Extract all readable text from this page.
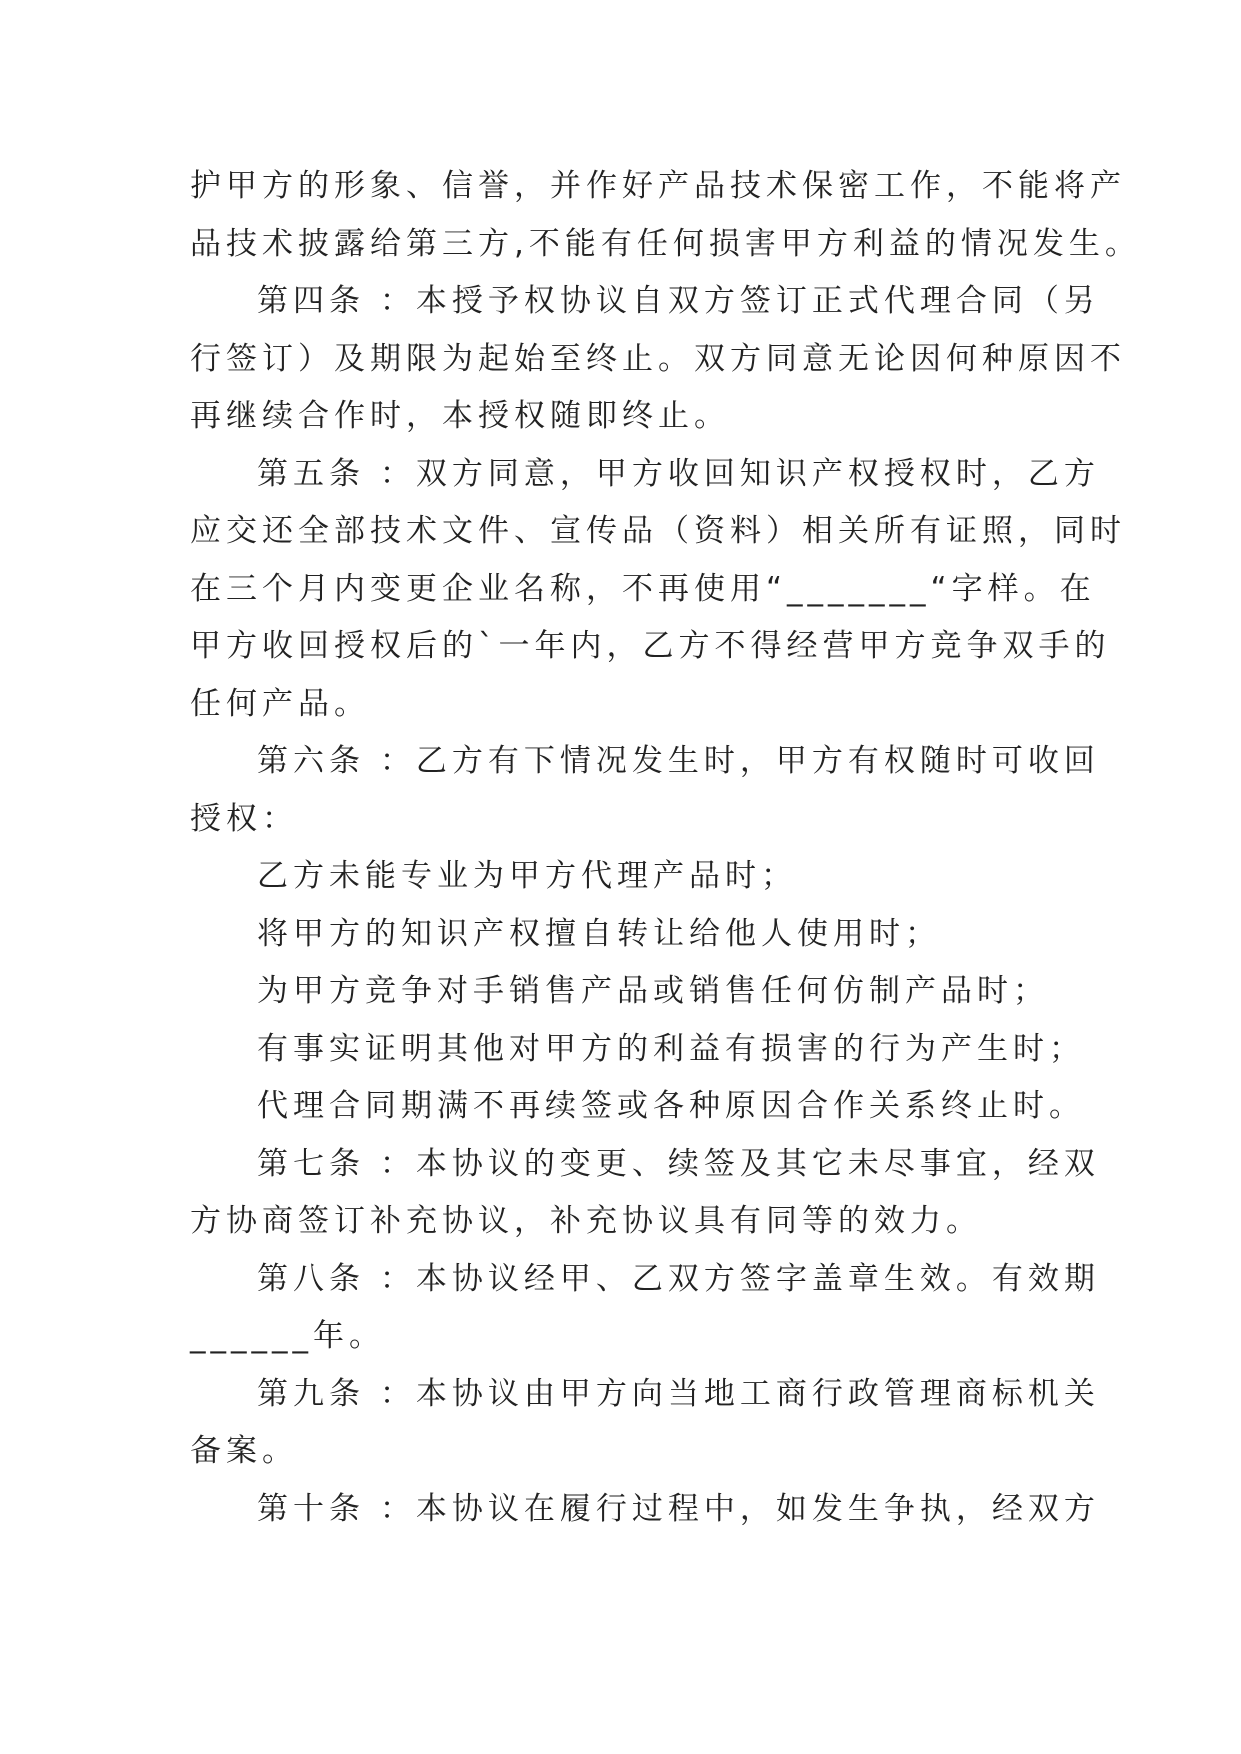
护甲方的形象、信誉，并作好产品技术保密工作，不能将产
品技术披露给第三方,不能有任何损害甲方利益的情况发生。
第四条 ：本授予权协议自双方签订正式代理合同（另
行签订）及期限为起始至终止。双方同意无论因何种原因不
再继续合作时，本授权随即终止。
第五条 ：双方同意，甲方收回知识产权授权时，乙方
应交还全部技术文件、宣传品（资料）相关所有证照，同时
在三个月内变更企业名称，不再使用“_______“字样。在
甲方收回授权后的`一年内，乙方不得经营甲方竞争双手的
任何产品。
第六条 ：乙方有下情况发生时，甲方有权随时可收回
授权：
乙方未能专业为甲方代理产品时；
将甲方的知识产权擅自转让给他人使用时；
为甲方竞争对手销售产品或销售任何仿制产品时；
有事实证明其他对甲方的利益有损害的行为产生时；
代理合同期满不再续签或各种原因合作关系终止时。
第七条 ：本协议的变更、续签及其它未尽事宜，经双
方协商签订补充协议，补充协议具有同等的效力。
第八条 ：本协议经甲、乙双方签字盖章生效。有效期
______年。
第九条 ：本协议由甲方向当地工商行政管理商标机关
备案。
第十条 ：本协议在履行过程中，如发生争执，经双方
